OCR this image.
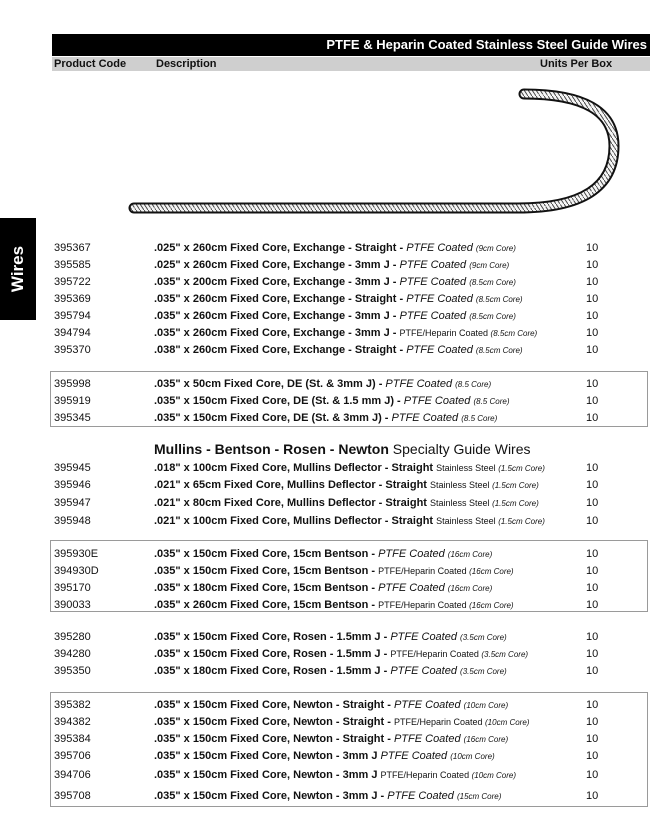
PTFE & Heparin Coated Stainless Steel Guide Wires
Product Code	Description	Units Per Box
Wires
Mullins - Bentson - Rosen - Newton Specialty Guide Wires
395367	.025" x 260cm Fixed Core, Exchange - Straight - PTFE Coated (9cm Core)	10
395585	.025" x 260cm Fixed Core, Exchange - 3mm J - PTFE Coated (9cm Core)	10
395722	.035" x 200cm Fixed Core, Exchange - 3mm J - PTFE Coated (8.5cm Core)	10
395369	.035" x 260cm Fixed Core, Exchange - Straight - PTFE Coated (8.5cm Core)	10
395794	.035" x 260cm Fixed Core, Exchange - 3mm J - PTFE Coated (8.5cm Core)	10
394794	.035" x 260cm Fixed Core, Exchange - 3mm J - PTFE/Heparin Coated (8.5cm Core)	10
395370	.038" x 260cm Fixed Core, Exchange - Straight - PTFE Coated (8.5cm Core)	10
395998	.035" x 50cm Fixed Core, DE (St. & 3mm J) - PTFE Coated (8.5 Core)	10
395919	.035" x 150cm Fixed Core, DE (St. & 1.5 mm J) - PTFE Coated (8.5 Core)	10
395345	.035" x 150cm Fixed Core, DE (St. & 3mm J) - PTFE Coated (8.5 Core)	10
395945	.018" x 100cm Fixed Core, Mullins Deflector - Straight Stainless Steel (1.5cm Core)	10
395946	.021" x 65cm Fixed Core, Mullins Deflector - Straight Stainless Steel (1.5cm Core)	10
395947	.021" x 80cm Fixed Core, Mullins Deflector - Straight Stainless Steel (1.5cm Core)	10
395948	.021" x 100cm Fixed Core, Mullins Deflector - Straight Stainless Steel (1.5cm Core)	10
395930E	.035" x 150cm Fixed Core, 15cm Bentson - PTFE Coated (16cm Core)	10
394930D	.035" x 150cm Fixed Core, 15cm Bentson - PTFE/Heparin Coated (16cm Core)	10
395170	.035" x 180cm Fixed Core, 15cm Bentson - PTFE Coated (16cm Core)	10
390033	.035" x 260cm Fixed Core, 15cm Bentson - PTFE/Heparin Coated (16cm Core)	10
395280	.035" x 150cm Fixed Core, Rosen - 1.5mm J - PTFE Coated (3.5cm Core)	10
394280	.035" x 150cm Fixed Core, Rosen - 1.5mm J - PTFE/Heparin Coated (3.5cm Core)	10
395350	.035" x 180cm Fixed Core, Rosen - 1.5mm J - PTFE Coated (3.5cm Core)	10
395382	.035" x 150cm Fixed Core, Newton - Straight - PTFE Coated (10cm Core)	10
394382	.035" x 150cm Fixed Core, Newton - Straight - PTFE/Heparin Coated (10cm Core)	10
395384	.035" x 150cm Fixed Core, Newton - Straight - PTFE Coated (16cm Core)	10
395706	.035" x 150cm Fixed Core, Newton - 3mm J PTFE Coated (10cm Core)	10
394706	.035" x 150cm Fixed Core, Newton - 3mm J PTFE/Heparin Coated (10cm Core)	10
395708	.035" x 150cm Fixed Core, Newton - 3mm J - PTFE Coated (15cm Core)	10
